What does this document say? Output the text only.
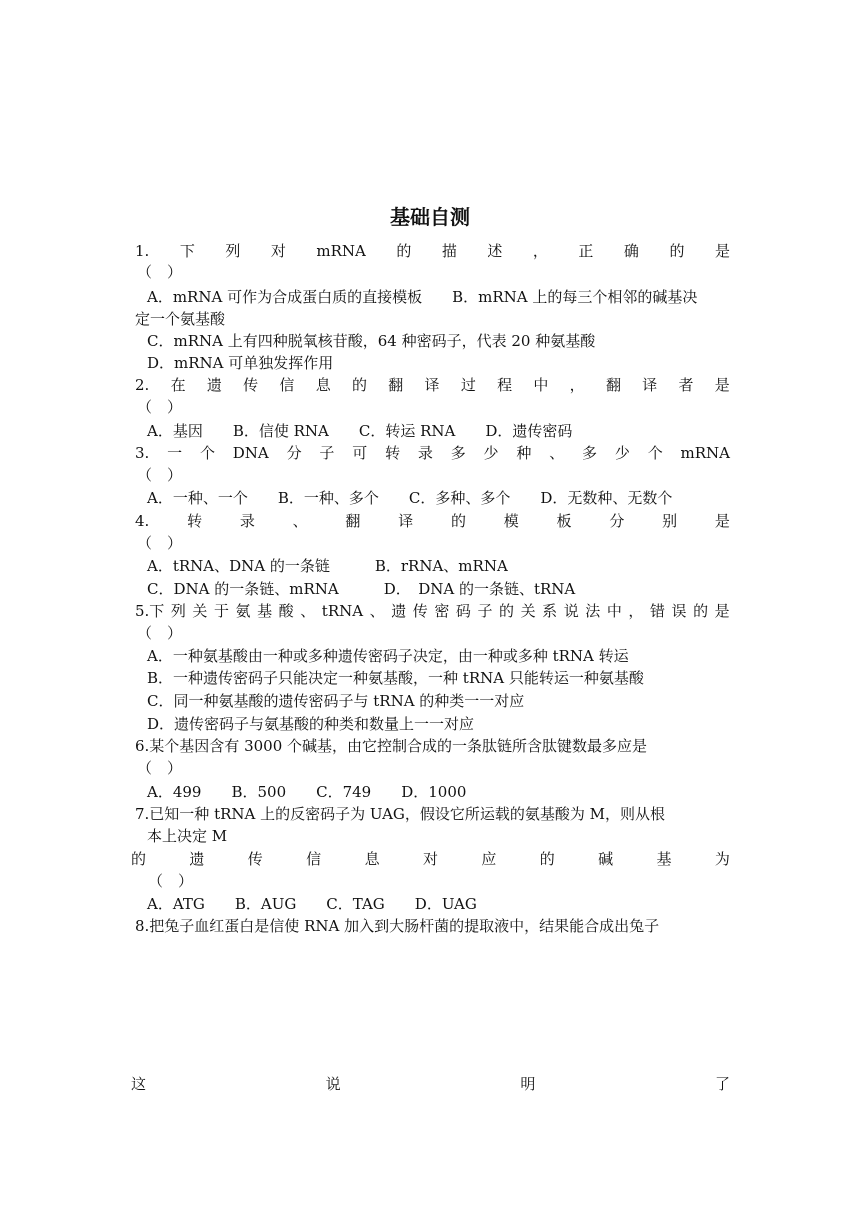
基础自测
1. 下 列 对 mRNA 的 描 述 ， 正 确 的 是
（　）
A．mRNA 可作为合成蛋白质的直接模板　　B．mRNA 上的每三个相邻的碱基决
定一个氨基酸
C．mRNA 上有四种脱氧核苷酸，64 种密码子，代表 20 种氨基酸
D．mRNA 可单独发挥作用
2. 在 遗 传 信 息 的 翻 译 过 程 中 ， 翻 译 者 是
（　）
A．基因　　B．信使 RNA　　C．转运 RNA　　D．遗传密码
3. 一 个 DNA 分 子 可 转 录 多 少 种 、 多 少 个 mRNA
（　）
A．一种、一个　　B．一种、多个　　C．多种、多个　　D．无数种、无数个
4.	转	录	、	翻	译	的	模	板	分	别	是
（　）
A．tRNA、DNA 的一条链　　　B．rRNA、mRNA
C．DNA 的一条链、mRNA　　　D．　DNA 的一条链、tRNA
5.下 列 关 于 氨 基 酸 、 tRNA 、 遗 传 密 码 子 的 关 系 说 法 中 ， 错 误 的 是
（　）
A．一种氨基酸由一种或多种遗传密码子决定，由一种或多种 tRNA 转运
B．一种遗传密码子只能决定一种氨基酸，一种 tRNA 只能转运一种氨基酸
C．同一种氨基酸的遗传密码子与 tRNA 的种类一一对应
D．遗传密码子与氨基酸的种类和数量上一一对应
6.某个基因含有 3000 个碱基，由它控制合成的一条肽链所含肽键数最多应是
（　）
A．499　　B．500　　C．749　　D．1000
7.已知一种 tRNA 上的反密码子为 UAG，假设它所运载的氨基酸为 M，则从根
本上决定 M
的	遗	传	信	息	对	应	的	碱	基	为
（　）
A．ATG　　B．AUG　　C．TAG　　D．UAG
8.把兔子血红蛋白是信使 RNA 加入到大肠杆菌的提取液中，结果能合成出兔子
这	说	明	了
